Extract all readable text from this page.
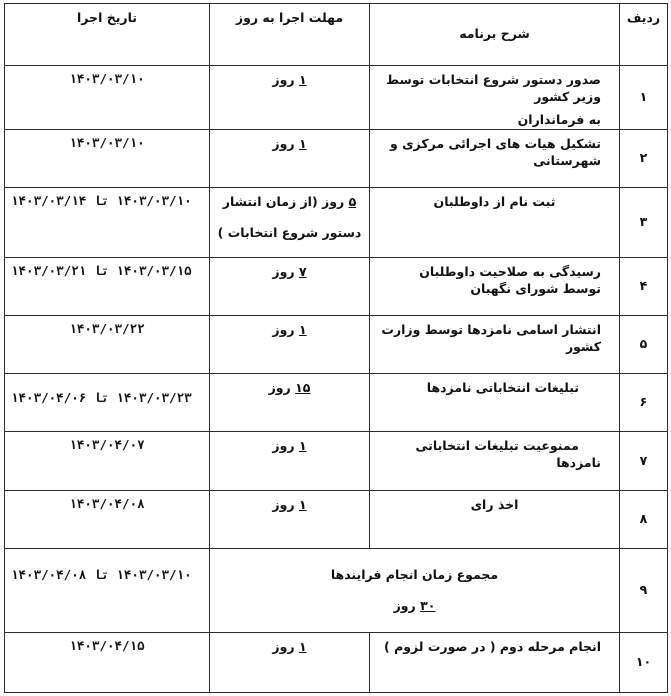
ردیف	شرح برنامه	مهلت اجرا به روز	تاریخ اجرا
۱	صدور دستور شروع انتخابات توسط وزیر کشور
به فرمانداران	۱ روز	۱۴۰۳/۰۳/۱۰
۲	تشکیل هیات های اجرائی مرکزی و شهرستانی	۱ روز	۱۴۰۳/۰۳/۱۰
۳	ثبت نام از داوطلبان	۵ روز (از زمان انتشار
دستور شروع انتخابات )	۱۴۰۳/۰۳/۱۰ تا ۱۴۰۳/۰۳/۱۴
۴	رسیدگی به صلاحیت داوطلبان توسط شورای نگهبان	۷ روز	۱۴۰۳/۰۳/۱۵ تا ۱۴۰۳/۰۳/۲۱
۵	انتشار اسامی نامزدها توسط وزارت کشور	۱ روز	۱۴۰۳/۰۳/۲۲
۶	تبلیغات انتخاباتی نامزدها	۱۵ روز	۱۴۰۳/۰۳/۲۳ تا ۱۴۰۳/۰۴/۰۶
۷	ممنوعیت تبلیغات انتخاباتی نامزدها	۱ روز	۱۴۰۳/۰۴/۰۷
۸	اخذ رای	۱ روز	۱۴۰۳/۰۴/۰۸
۹	مجموع زمان انجام فرایندها
۳۰ روز		۱۴۰۳/۰۳/۱۰ تا ۱۴۰۳/۰۴/۰۸
۱۰	انجام مرحله دوم ( در صورت لزوم )	۱ روز	۱۴۰۳/۰۴/۱۵
